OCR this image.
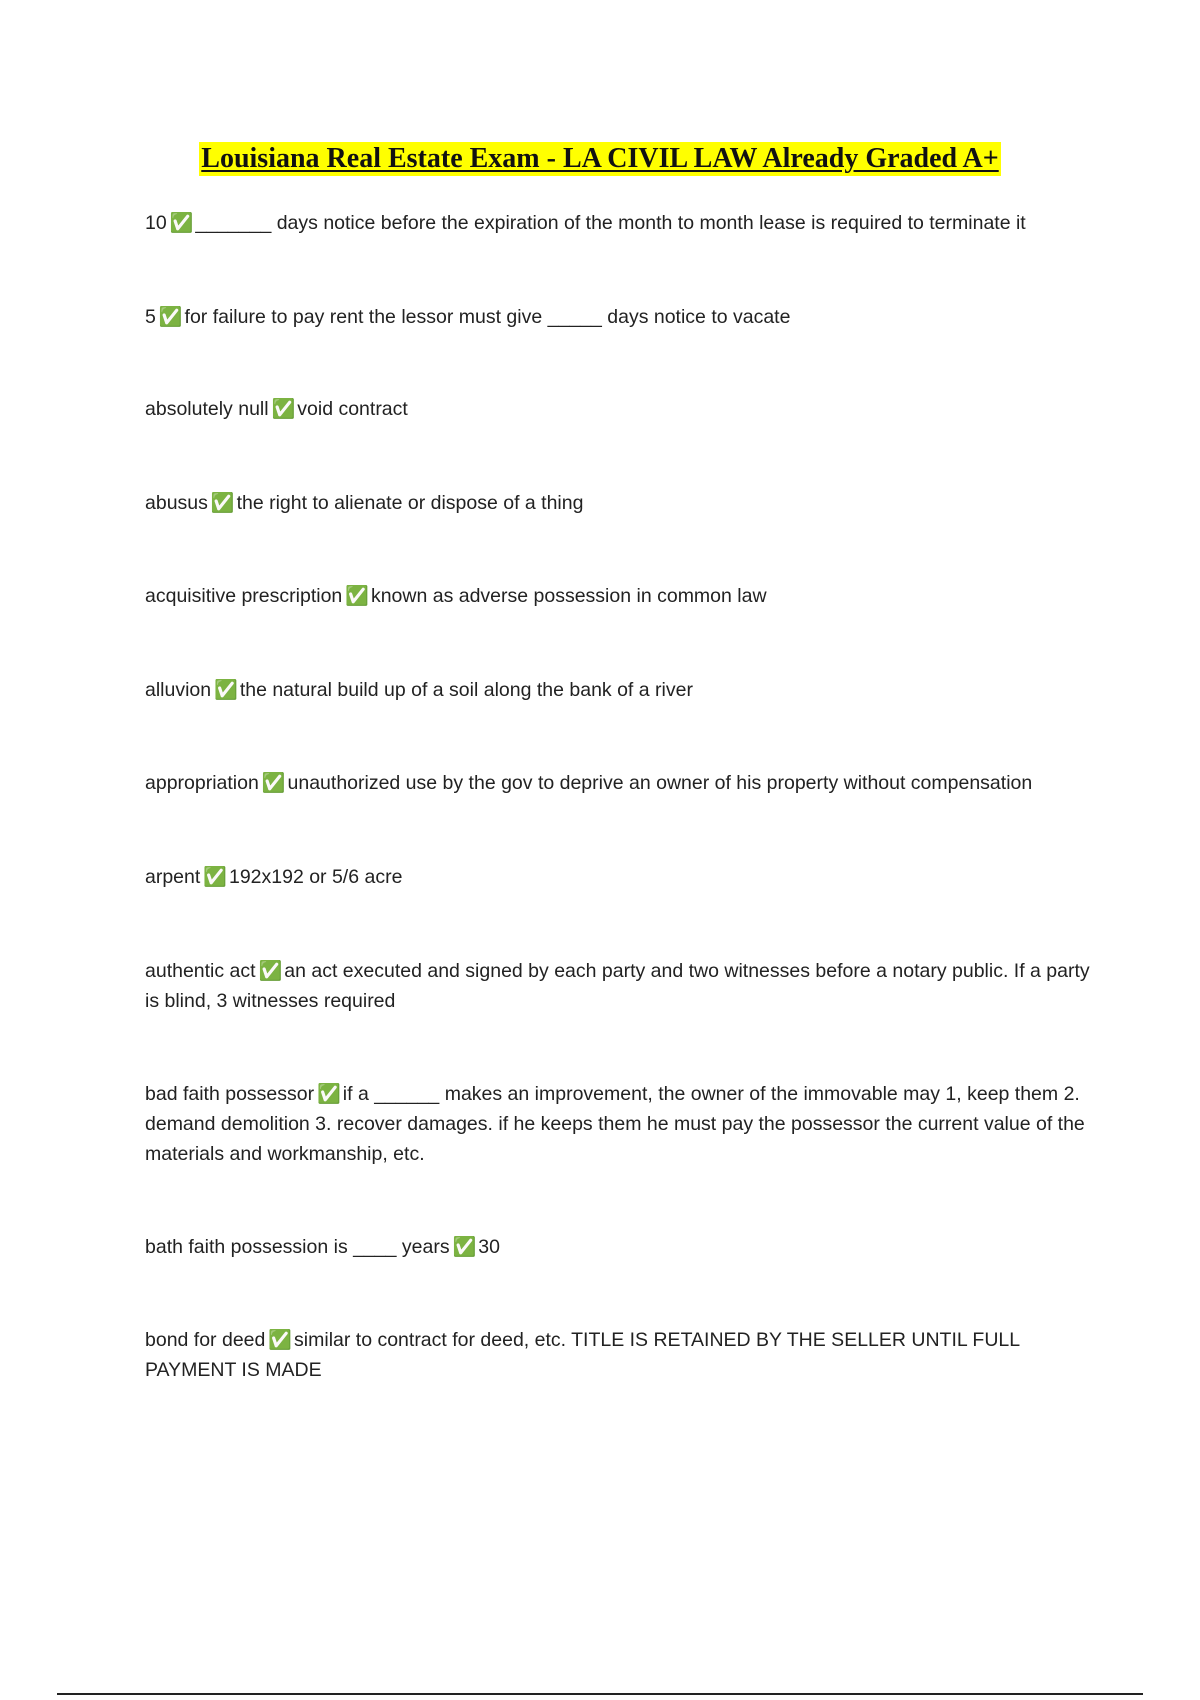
Louisiana Real Estate Exam - LA CIVIL LAW Already Graded A+
10 ✅ _______ days notice before the expiration of the month to month lease is required to terminate it
5 ✅ for failure to pay rent the lessor must give _____ days notice to vacate
absolutely null ✅ void contract
abusus ✅ the right to alienate or dispose of a thing
acquisitive prescription ✅ known as adverse possession in common law
alluvion ✅ the natural build up of a soil along the bank of a river
appropriation ✅ unauthorized use by the gov to deprive an owner of his property without compensation
arpent ✅ 192x192 or 5/6 acre
authentic act ✅ an act executed and signed by each party and two witnesses before a notary public. If a party is blind, 3 witnesses required
bad faith possessor ✅ if a ______ makes an improvement, the owner of the immovable may 1, keep them 2. demand demolition 3. recover damages. if he keeps them he must pay the possessor the current value of the materials and workmanship, etc.
bath faith possession is ____ years ✅ 30
bond for deed ✅ similar to contract for deed, etc. TITLE IS RETAINED BY THE SELLER UNTIL FULL PAYMENT IS MADE
